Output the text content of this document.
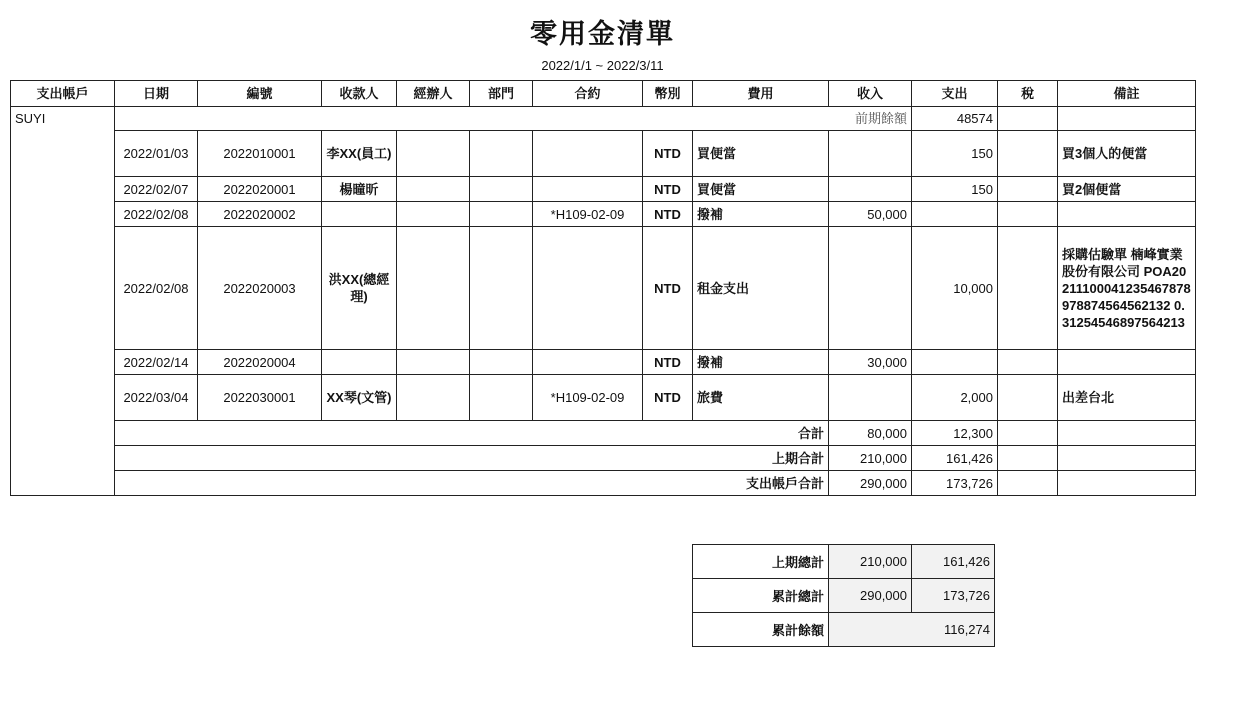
零用金清單
2022/1/1 ~ 2022/3/11
支出帳戶	日期	編號	收款人	經辦人	部門	合約	幣別	費用	收入	支出	稅	備註
SUYI	前期餘額									48574		
	2022/01/03	2022010001	李XX(員工)				NTD	買便當		150		買3個人的便當
	2022/02/07	2022020001	楊曈昕				NTD	買便當		150		買2個便當
	2022/02/08	2022020002				*H109-02-09	NTD	撥補	50,000			
	2022/02/08	2022020003	洪XX(總經理)				NTD	租金支出		10,000		採購估驗單 楠峰實業股份有限公司 POA20211100041235467878978874564562132 0.31254546897564213
	2022/02/14	2022020004					NTD	撥補	30,000			
	2022/03/04	2022030001	XX琴(文管)			*H109-02-09	NTD	旅費		2,000		出差台北
	合計								80,000	12,300		
	上期合計								210,000	161,426		
	支出帳戶合計								290,000	173,726		
上期總計	210,000	161,426
累計總計	290,000	173,726
累計餘額	116,274	
